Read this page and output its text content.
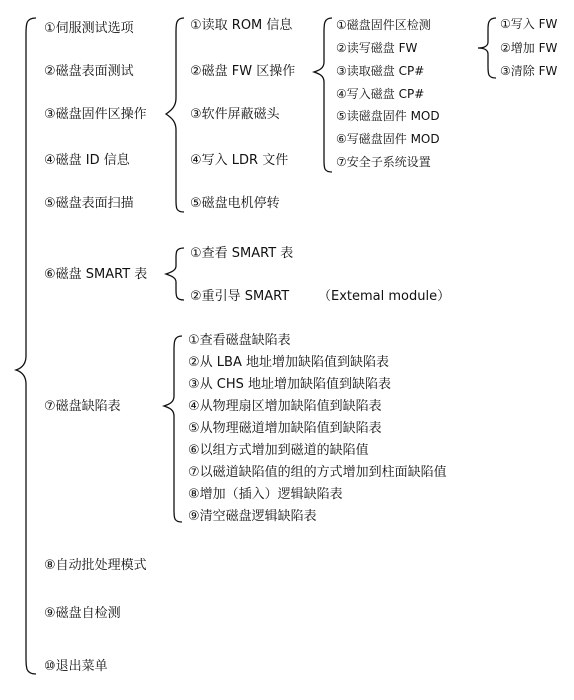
①伺服测试选项
②磁盘表面测试
③磁盘固件区操作
④磁盘 ID 信息
⑤磁盘表面扫描
⑥磁盘 SMART 表
⑦磁盘缺陷表
⑧自动批处理模式
⑨磁盘自检测
⑩退出菜单
①读取 ROM 信息
②磁盘 FW 区操作
③软件屏蔽磁头
④写入 LDR 文件
⑤磁盘电机停转
①磁盘固件区检测
②读写磁盘 FW
③读取磁盘 CP#
④写入磁盘 CP#
⑤读磁盘固件 MOD
⑥写磁盘固件 MOD
⑦安全子系统设置
①写入 FW
②增加 FW
③清除 FW
①查看 SMART 表
②重引导 SMART （Extemal module）
①查看磁盘缺陷表
②从 LBA 地址增加缺陷值到缺陷表
③从 CHS 地址增加缺陷值到缺陷表
④从物理扇区增加缺陷值到缺陷表
⑤从物理磁道增加缺陷值到缺陷表
⑥以组方式增加到磁道的缺陷值
⑦以磁道缺陷值的组的方式增加到柱面缺陷值
⑧增加（插入）逻辑缺陷表
⑨清空磁盘逻辑缺陷表
